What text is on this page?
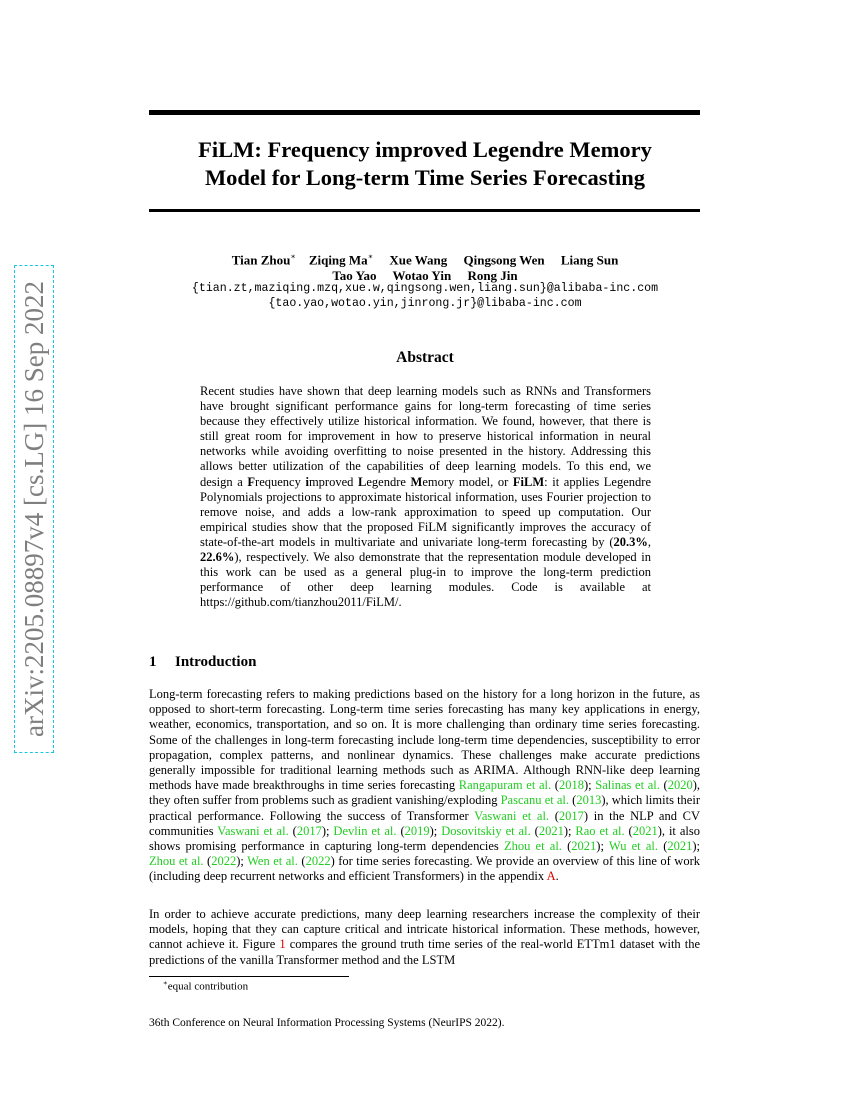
FiLM: Frequency improved Legendre Memory
Model for Long-term Time Series Forecasting
Tian Zhou∗ Ziqing Ma∗ Xue Wang Qingsong Wen Liang Sun
Tao Yao Wotao Yin Rong Jin
{tian.zt,maziqing.mzq,xue.w,qingsong.wen,liang.sun}@alibaba-inc.com
{tao.yao,wotao.yin,jinrong.jr}@libaba-inc.com
Abstract
Recent studies have shown that deep learning models such as RNNs and Transformers have brought significant performance gains for long-term forecasting of time series because they effectively utilize historical information. We found, however, that there is still great room for improvement in how to preserve historical information in neural networks while avoiding overfitting to noise presented in the history. Addressing this allows better utilization of the capabilities of deep learning models. To this end, we design a Frequency improved Legendre Memory model, or FiLM: it applies Legendre Polynomials projections to approximate historical information, uses Fourier projection to remove noise, and adds a low-rank approximation to speed up computation. Our empirical studies show that the proposed FiLM significantly improves the accuracy of state-of-the-art models in multivariate and univariate long-term forecasting by (20.3%, 22.6%), respectively. We also demonstrate that the representation module developed in this work can be used as a general plug-in to improve the long-term prediction performance of other deep learning modules. Code is available at https://github.com/tianzhou2011/FiLM/.
1 Introduction

Long-term forecasting refers to making predictions based on the history for a long horizon in the future, as opposed to short-term forecasting. Long-term time series forecasting has many key applications in energy, weather, economics, transportation, and so on. It is more challenging than ordinary time series forecasting. Some of the challenges in long-term forecasting include long-term time dependencies, susceptibility to error propagation, complex patterns, and nonlinear dynamics. These challenges make accurate predictions generally impossible for traditional learning methods such as ARIMA. Although RNN-like deep learning methods have made breakthroughs in time series forecasting Rangapuram et al. (2018); Salinas et al. (2020), they often suffer from problems such as gradient vanishing/exploding Pascanu et al. (2013), which limits their practical performance. Following the success of Transformer Vaswani et al. (2017) in the NLP and CV communities Vaswani et al. (2017); Devlin et al. (2019); Dosovitskiy et al. (2021); Rao et al. (2021), it also shows promising performance in capturing long-term dependencies Zhou et al. (2021); Wu et al. (2021); Zhou et al. (2022); Wen et al. (2022) for time series forecasting. We provide an overview of this line of work (including deep recurrent networks and efficient Transformers) in the appendix A.

In order to achieve accurate predictions, many deep learning researchers increase the complexity of their models, hoping that they can capture critical and intricate historical information. These methods, however, cannot achieve it. Figure 1 compares the ground truth time series of the real-world ETTm1 dataset with the predictions of the vanilla Transformer method and the LSTM

∗equal contribution
36th Conference on Neural Information Processing Systems (NeurIPS 2022).
arXiv:2205.08897v4 [cs.LG] 16 Sep 2022
